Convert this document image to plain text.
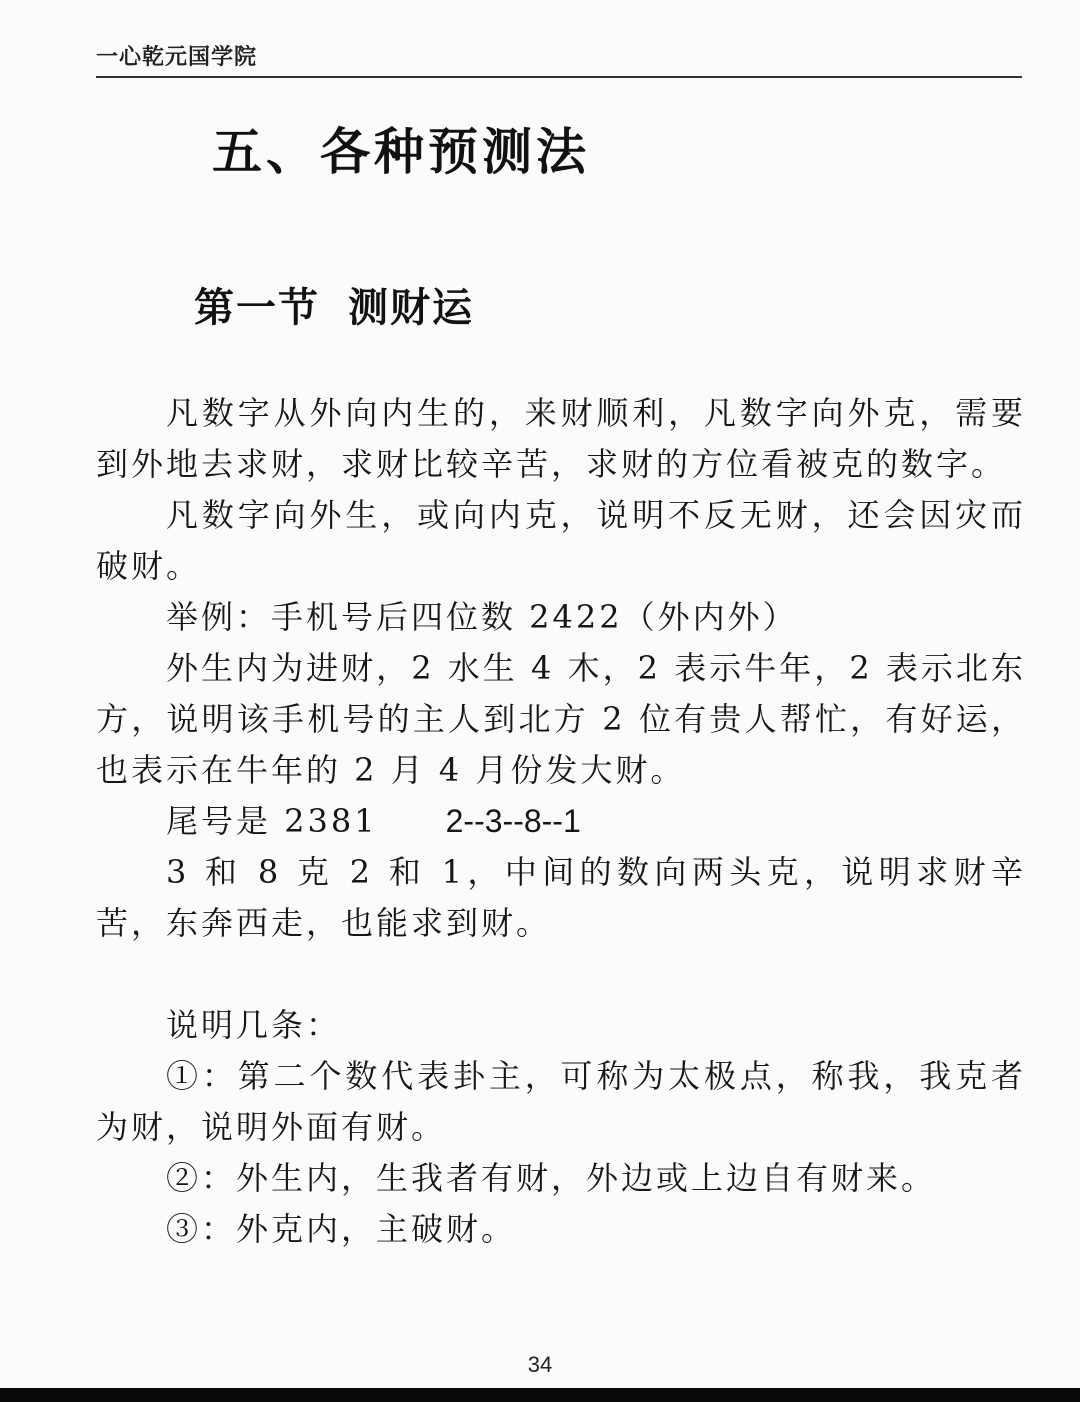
一心乾元国学院
五、各种预测法
第一节 测财运

凡数字从外向内生的，来财顺利，凡数字向外克，需要到外地去求财，求财比较辛苦，求财的方位看被克的数字。

凡数字向外生，或向内克，说明不反无财，还会因灾而破财。

举例：手机号后四位数 2422（外内外）

外生内为进财，2 水生 4 木，2 表示牛年，2 表示北东方，说明该手机号的主人到北方 2 位有贵人帮忙，有好运，也表示在牛年的 2 月 4 月份发大财。

尾号是 2381 2--3--8--1

3 和 8 克 2 和 1，中间的数向两头克，说明求财辛苦，东奔西走，也能求到财。

说明几条：

①：第二个数代表卦主，可称为太极点，称我，我克者为财，说明外面有财。

②：外生内，生我者有财，外边或上边自有财来。

③：外克内，主破财。

34
